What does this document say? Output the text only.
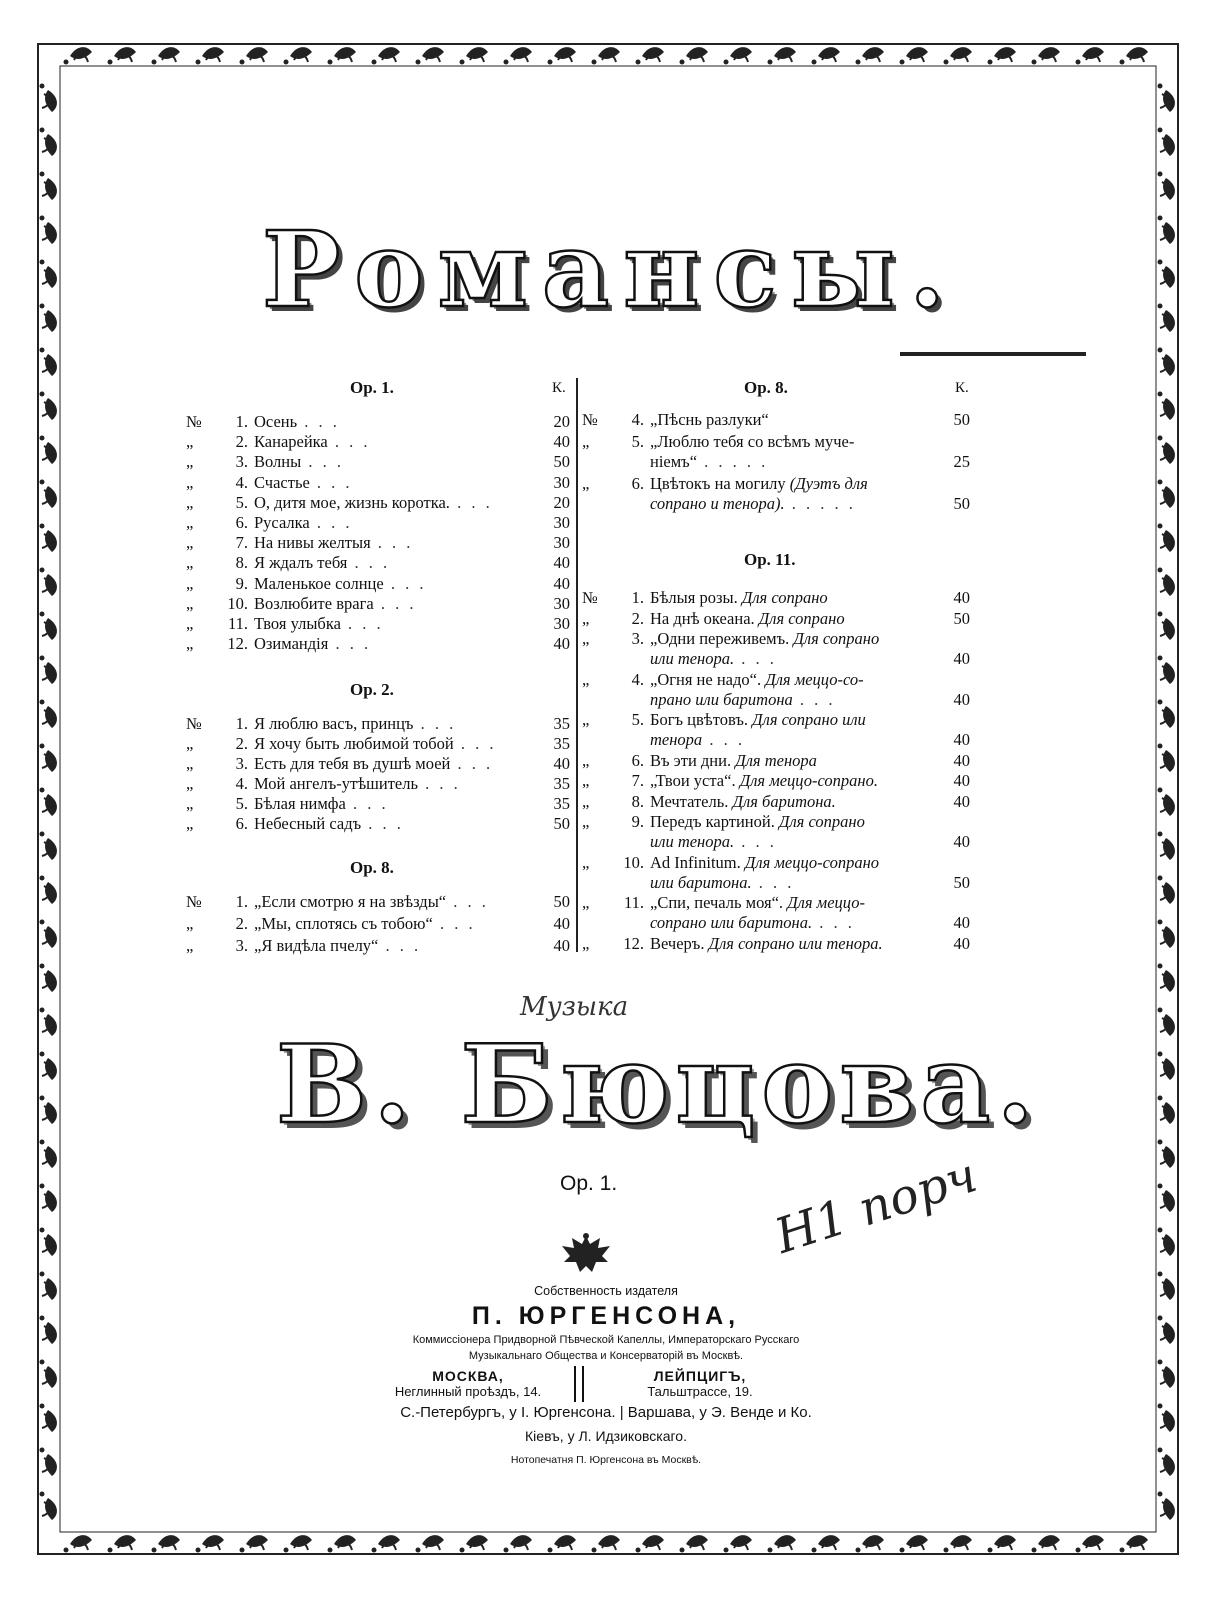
Романсы.
Op. 1.	К.
№ 1. Осень . . .	20
„	2. Канарейка . . .	40
„	3. Волны . . .	50
„	4. Счастье . . .	30
„	5. О, дитя мое, жизнь коротка. . . .	20
„	6. Русалка . . .	30
„	7. На нивы желтыя . . .	30
„	8. Я ждалъ тебя . . .	40
„	9. Маленькое солнце . . .	40
„ 10. Возлюбите врага . . .	30
„ 11. Твоя улыбка . . .	30
„ 12. Озимандія . . .	40
Op. 2.
№ 1. Я люблю васъ, принцъ . . .	35
„	2. Я хочу быть любимой тобой . . .	35
„	3. Есть для тебя въ душѣ моей . . .	40
„	4. Мой ангелъ-утѣшитель . . .	35
„	5. Бѣлая нимфа . . .	35
„	6. Небесный садъ . . .	50
Op. 8.
№ 1. „Если смотрю я на звѣзды“ . . .	50
„	2. „Мы, сплотясь съ тобою“ . . .	40
„	3. „Я видѣла пчелу“ . . .	40
Op. 8.	К.
№ 4. „Пѣснь разлуки“	50
„	5. „Люблю тебя со всѣмъ муче-
ніемъ“ . . . . .	25
„	6. Цвѣтокъ на могилу (Дуэтъ для
сопрано и тенора). . . . . .	50
Op. 11.
№ 1. Бѣлыя розы. Для сопрано	40
„	2. На днѣ океана. Для сопрано	50
„	3. „Одни переживемъ. Для сопрано
или тенора. . . .	40
„	4. „Огня не надо“. Для меццо-со-
прано или баритона . . .	40
„	5. Богъ цвѣтовъ. Для сопрано или
тенора . . .	40
„	6. Въ эти дни. Для тенора	40
„	7. „Твои уста“. Для меццо-сопрано.	40
„	8. Мечтатель. Для баритона.	40
„	9. Передъ картиной. Для сопрано
или тенора. . . .	40
„ 10. Ad Infinitum. Для меццо-сопрано
или баритона. . . .	50
„ 11. „Спи, печаль моя“. Для меццо-
сопрано или баритона. . . .	40
„ 12. Вечеръ. Для сопрано или тенора.	40
Музыка
В. Бюцова.
Op. 1.	Н1 nopч
Собственность издателя
П. ЮРГЕНСОНА,
Коммиссіонера Придворной Пѣвческой Капеллы, Императорскаго Русскаго
Музыкальнаго Общества и Консерваторій въ Москвѣ.
МОСКВА,
Неглинный проѣздъ, 14.
ЛЕЙПЦИГЪ,
Тальштрассе, 19.
С.-Петербургъ, у І. Юргенсона. | Варшава, у Э. Венде и Ко.
Кіевъ, у Л. Идзиковскаго.
Нотопечатня П. Юргенсона въ Москвѣ.
